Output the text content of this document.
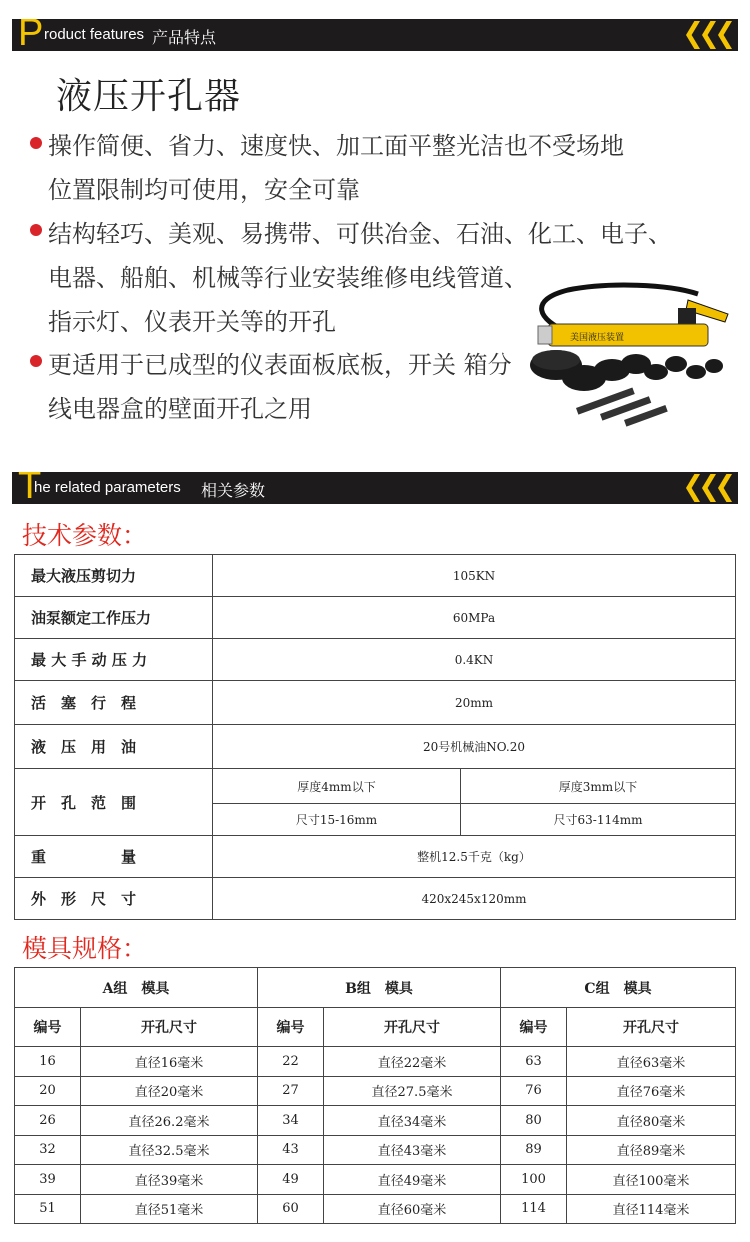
P roduct features 产品特点
液压开孔器
操作简便、省力、速度快、加工面平整光洁也不受场地
位置限制均可使用，安全可靠
结构轻巧、美观、易携带、可供冶金、石油、化工、电子、
电器、船舶、机械等行业安装维修电线管道、
指示灯、仪表开关等的开孔
更适用于已成型的仪表面板底板，开关 箱分
线电器盒的壁面开孔之用
美国液压装置
T
he related parameters 相关参数
技术参数：
最大液压剪切力	105KN	
油泵额定工作压力	60MPa	
最 大 手 动 压 力	0.4KN	
活　塞　行　程	20mm	
液　压　用　油	20号机械油NO.20	
开　孔　范　围	厚度4mm以下	厚度3mm以下
	尺寸15-16mm	尺寸63-114mm
重　　　　　量	整机12.5千克（kg）	
外　形　尺　寸	420x245x120mm	
模具规格：
A组　模具		B组　模具		C组　模具	
编号	开孔尺寸	编号	开孔尺寸	编号	开孔尺寸
16	直径16毫米	22	直径22毫米	63	直径63毫米
20	直径20毫米	27	直径27.5毫米	76	直径76毫米
26	直径26.2毫米	34	直径34毫米	80	直径80毫米
32	直径32.5毫米	43	直径43毫米	89	直径89毫米
39	直径39毫米	49	直径49毫米	100	直径100毫米
51	直径51毫米	60	直径60毫米	114	直径114毫米
